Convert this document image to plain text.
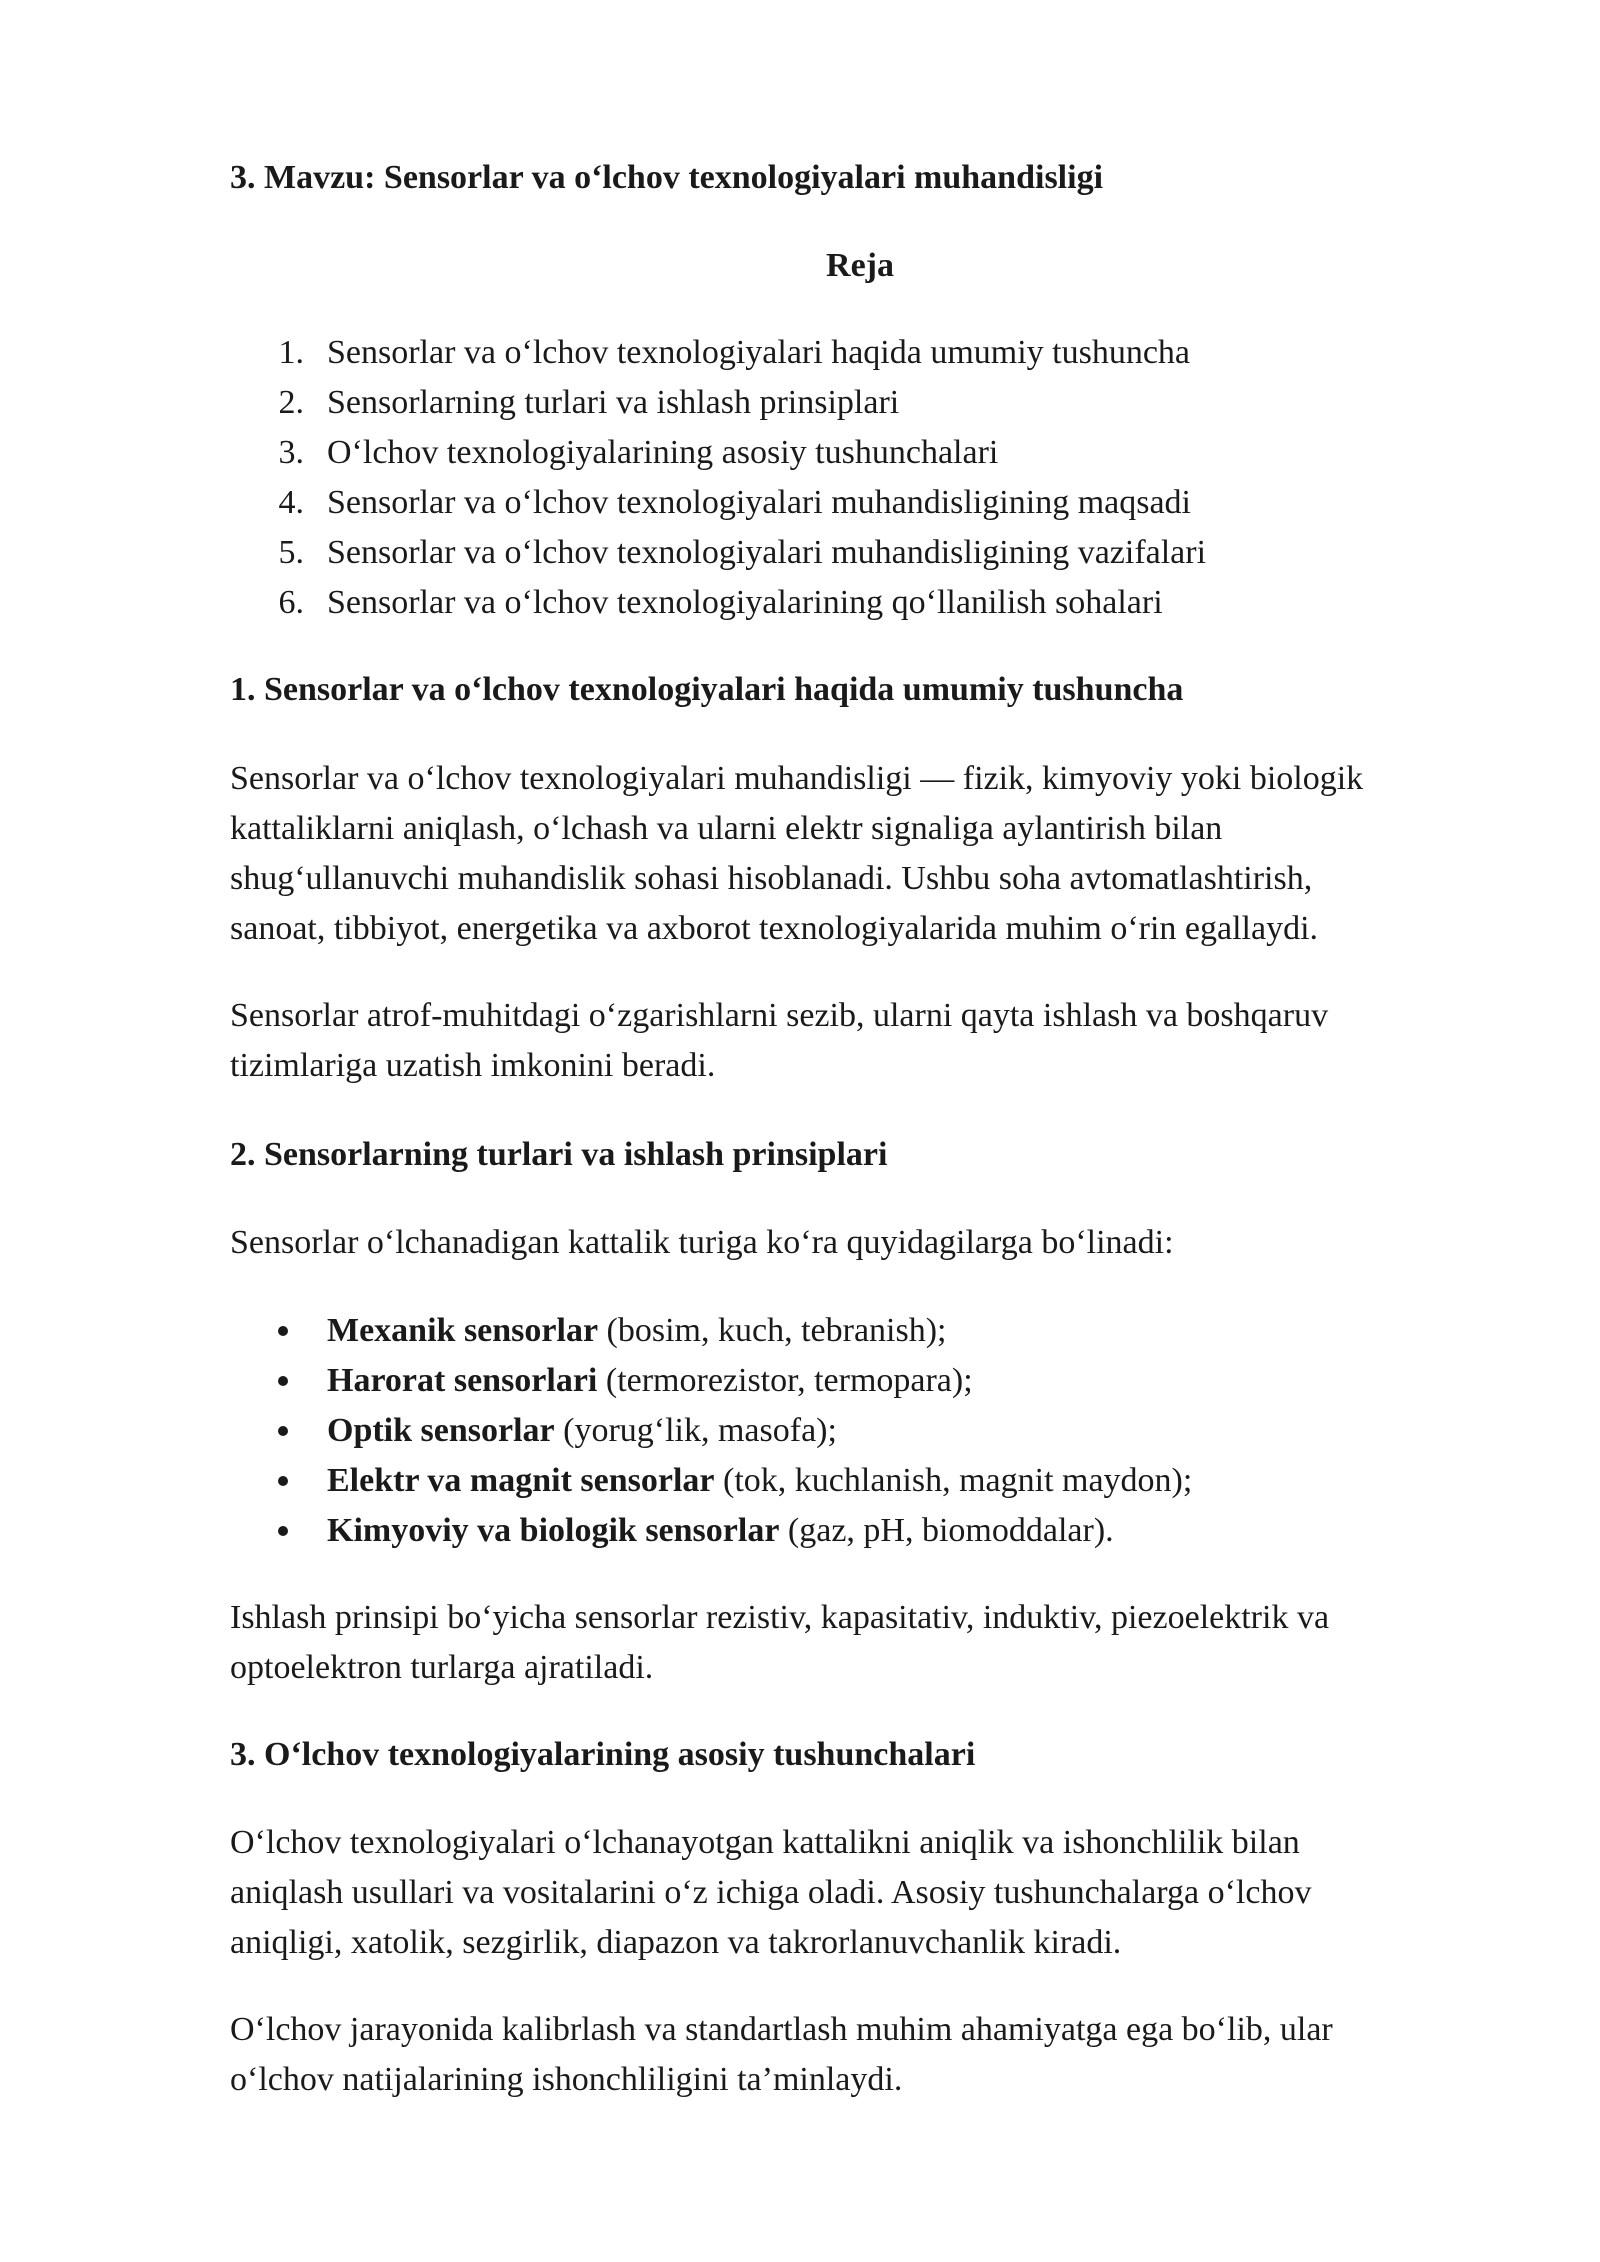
3. Mavzu: Sensorlar va o‘lchov texnologiyalari muhandisligi

Reja

1. Sensorlar va o‘lchov texnologiyalari haqida umumiy tushuncha

2. Sensorlarning turlari va ishlash prinsiplari

3. O‘lchov texnologiyalarining asosiy tushunchalari

4. Sensorlar va o‘lchov texnologiyalari muhandisligining maqsadi

5. Sensorlar va o‘lchov texnologiyalari muhandisligining vazifalari

6. Sensorlar va o‘lchov texnologiyalarining qo‘llanilish sohalari

1. Sensorlar va o‘lchov texnologiyalari haqida umumiy tushuncha

Sensorlar va o‘lchov texnologiyalari muhandisligi — fizik, kimyoviy yoki biologik

kattaliklarni aniqlash, o‘lchash va ularni elektr signaliga aylantirish bilan

shug‘ullanuvchi muhandislik sohasi hisoblanadi. Ushbu soha avtomatlashtirish,

sanoat, tibbiyot, energetika va axborot texnologiyalarida muhim o‘rin egallaydi.

Sensorlar atrof-muhitdagi o‘zgarishlarni sezib, ularni qayta ishlash va boshqaruv

tizimlariga uzatish imkonini beradi.

2. Sensorlarning turlari va ishlash prinsiplari

Sensorlar o‘lchanadigan kattalik turiga ko‘ra quyidagilarga bo‘linadi:

Mexanik sensorlar (bosim, kuch, tebranish);

Harorat sensorlari (termorezistor, termopara);

Optik sensorlar (yorug‘lik, masofa);

Elektr va magnit sensorlar (tok, kuchlanish, magnit maydon);

Kimyoviy va biologik sensorlar (gaz, pH, biomoddalar).

Ishlash prinsipi bo‘yicha sensorlar rezistiv, kapasitativ, induktiv, piezoelektrik va

optoelektron turlarga ajratiladi.

3. O‘lchov texnologiyalarining asosiy tushunchalari

O‘lchov texnologiyalari o‘lchanayotgan kattalikni aniqlik va ishonchlilik bilan

aniqlash usullari va vositalarini o‘z ichiga oladi. Asosiy tushunchalarga o‘lchov

aniqligi, xatolik, sezgirlik, diapazon va takrorlanuvchanlik kiradi.

O‘lchov jarayonida kalibrlash va standartlash muhim ahamiyatga ega bo‘lib, ular

o‘lchov natijalarining ishonchliligini ta’minlaydi.
